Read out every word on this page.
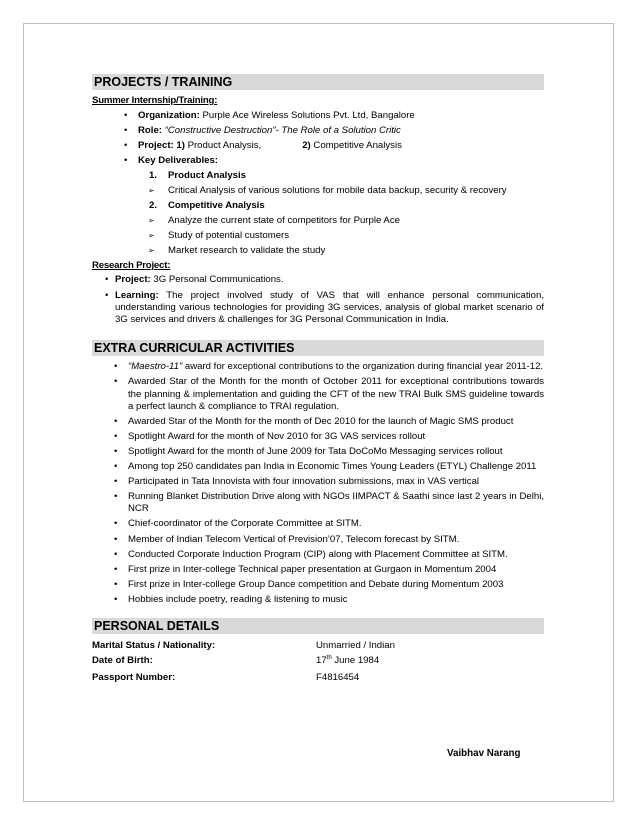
PROJECTS / TRAINING
Summer Internship/Training:
• Organization: Purple Ace Wireless Solutions Pvt. Ltd, Bangalore
• Role: “Constructive Destruction”- The Role of a Solution Critic
• Project: 1) Product Analysis,	2) Competitive Analysis
• Key Deliverables:
1. Product Analysis
➢ Critical Analysis of various solutions for mobile data backup, security & recovery
2. Competitive Analysis
➢ Analyze the current state of competitors for Purple Ace
➢ Study of potential customers
➢ Market research to validate the study
Research Project:
• Project: 3G Personal Communications.
• Learning: The project involved study of VAS that will enhance personal communication, understanding various technologies for providing 3G services, analysis of global market scenario of 3G services and drivers & challenges for 3G Personal Communication in India.
EXTRA CURRICULAR ACTIVITIES
• “Maestro-11” award for exceptional contributions to the organization during financial year 2011-12.
• Awarded Star of the Month for the month of October 2011 for exceptional contributions towards the planning & implementation and guiding the CFT of the new TRAI Bulk SMS guideline towards a perfect launch & compliance to TRAI regulation.
• Awarded Star of the Month for the month of Dec 2010 for the launch of Magic SMS product
• Spotlight Award for the month of Nov 2010 for 3G VAS services rollout
• Spotlight Award for the month of June 2009 for Tata DoCoMo Messaging services rollout
• Among top 250 candidates pan India in Economic Times Young Leaders (ETYL) Challenge 2011
• Participated in Tata Innovista with four innovation submissions, max in VAS vertical
• Running Blanket Distribution Drive along with NGOs IIMPACT & Saathi since last 2 years in Delhi, NCR
• Chief-coordinator of the Corporate Committee at SITM.
• Member of Indian Telecom Vertical of Prevision’07, Telecom forecast by SITM.
• Conducted Corporate Induction Program (CIP) along with Placement Committee at SITM.
• First prize in Inter-college Technical paper presentation at Gurgaon in Momentum 2004
• First prize in Inter-college Group Dance competition and Debate during Momentum 2003
• Hobbies include poetry, reading & listening to music
PERSONAL DETAILS
Marital Status / Nationality:	Unmarried / Indian
Date of Birth:	17th June 1984
Passport Number:	F4816454
Vaibhav Narang
